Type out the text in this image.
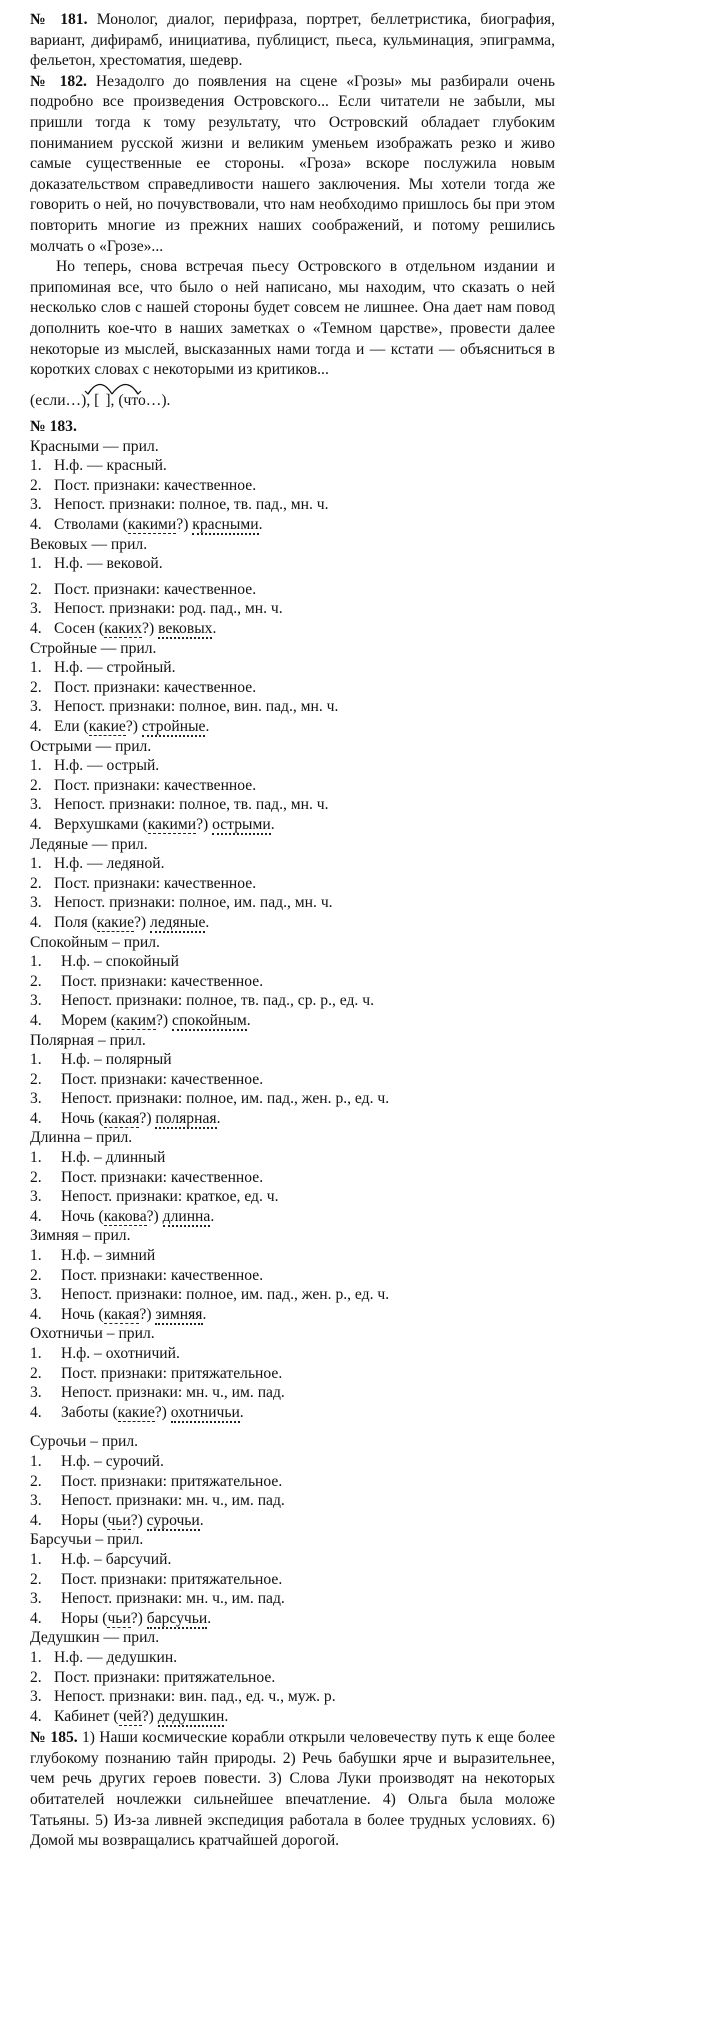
№ 181. Монолог, диалог, перифраза, портрет, беллетристика, биография, вариант, дифирамб, инициатива, публицист, пьеса, кульминация, эпиграмма, фельетон, хрестоматия, шедевр.

№ 182. Незадолго до появления на сцене «Грозы» мы разбирали очень подробно все произведения Островского... Если читатели не забыли, мы пришли тогда к тому результату, что Островский обладает глубоким пониманием русской жизни и великим уменьем изображать резко и живо самые существенные ее стороны. «Гроза» вскоре послужила новым доказательством справедливости нашего заключения. Мы хотели тогда же говорить о ней, но почувствовали, что нам необходимо пришлось бы при этом повторить многие из прежних наших соображений, и потому решились молчать о «Грозе»...

Но теперь, снова встречая пьесу Островского в отдельном издании и припоминая все, что было о ней написано, мы находим, что сказать о ней несколько слов с нашей стороны будет совсем не лишнее. Она дает нам повод дополнить кое-что в наших заметках о «Темном царстве», провести далее некоторые из мыслей, высказанных нами тогда и — кстати — объясниться в коротких словах с некоторыми из критиков...

(если…), [ ], (что…).
№ 183.
Красными — прил.
1. Н.ф. — красный.
2. Пост. признаки: качественное.
3. Непост. признаки: полное, тв. пад., мн. ч.
4. Стволами (какими?) красными.
Вековых — прил.
1. Н.ф. — вековой.
2. Пост. признаки: качественное.
3. Непост. признаки: род. пад., мн. ч.
4. Сосен (каких?) вековых.
Стройные — прил.
1. Н.ф. — стройный.
2. Пост. признаки: качественное.
3. Непост. признаки: полное, вин. пад., мн. ч.
4. Ели (какие?) стройные.
Острыми — прил.
1. Н.ф. — острый.
2. Пост. признаки: качественное.
3. Непост. признаки: полное, тв. пад., мн. ч.
4. Верхушками (какими?) острыми.
Ледяные — прил.
1. Н.ф. — ледяной.
2. Пост. признаки: качественное.
3. Непост. признаки: полное, им. пад., мн. ч.
4. Поля (какие?) ледяные.
Спокойным – прил.
1.	Н.ф. – спокойный
2.	Пост. признаки: качественное.
3.	Непост. признаки: полное, тв. пад., ср. р., ед. ч.
4.	Морем (каким?) спокойным.
Полярная – прил.
1.	Н.ф. – полярный
2.	Пост. признаки: качественное.
3.	Непост. признаки: полное, им. пад., жен. р., ед. ч.
4.	Ночь (какая?) полярная.
Длинна – прил.
1.	Н.ф. – длинный
2.	Пост. признаки: качественное.
3.	Непост. признаки: краткое, ед. ч.
4.	Ночь (какова?) длинна.
Зимняя – прил.
1.	Н.ф. – зимний
2.	Пост. признаки: качественное.
3.	Непост. признаки: полное, им. пад., жен. р., ед. ч.
4.	Ночь (какая?) зимняя.
Охотничьи – прил.
1.	Н.ф. – охотничий.
2.	Пост. признаки: притяжательное.
3.	Непост. признаки: мн. ч., им. пад.
4.	Заботы (какие?) охотничьи.
Сурочьи – прил.
1.	Н.ф. – сурочий.
2.	Пост. признаки: притяжательное.
3.	Непост. признаки: мн. ч., им. пад.
4.	Норы (чьи?) сурочьи.
Барсучьи – прил.
1.	Н.ф. – барсучий.
2.	Пост. признаки: притяжательное.
3.	Непост. признаки: мн. ч., им. пад.
4.	Норы (чьи?) барсучьи.
Дедушкин — прил.
1. Н.ф. — дедушкин.
2. Пост. признаки: притяжательное.
3. Непост. признаки: вин. пад., ед. ч., муж. р.
4. Кабинет (чей?) дедушкин.

№ 185. 1) Наши космические корабли открыли человечеству путь к еще более глубокому познанию тайн природы. 2) Речь бабушки ярче и выразительнее, чем речь других героев повести. 3) Слова Луки производят на некоторых обитателей ночлежки сильнейшее впечатление. 4) Ольга была моложе Татьяны. 5) Из-за ливней экспедиция работала в более трудных условиях. 6) Домой мы возвращались кратчайшей дорогой.
